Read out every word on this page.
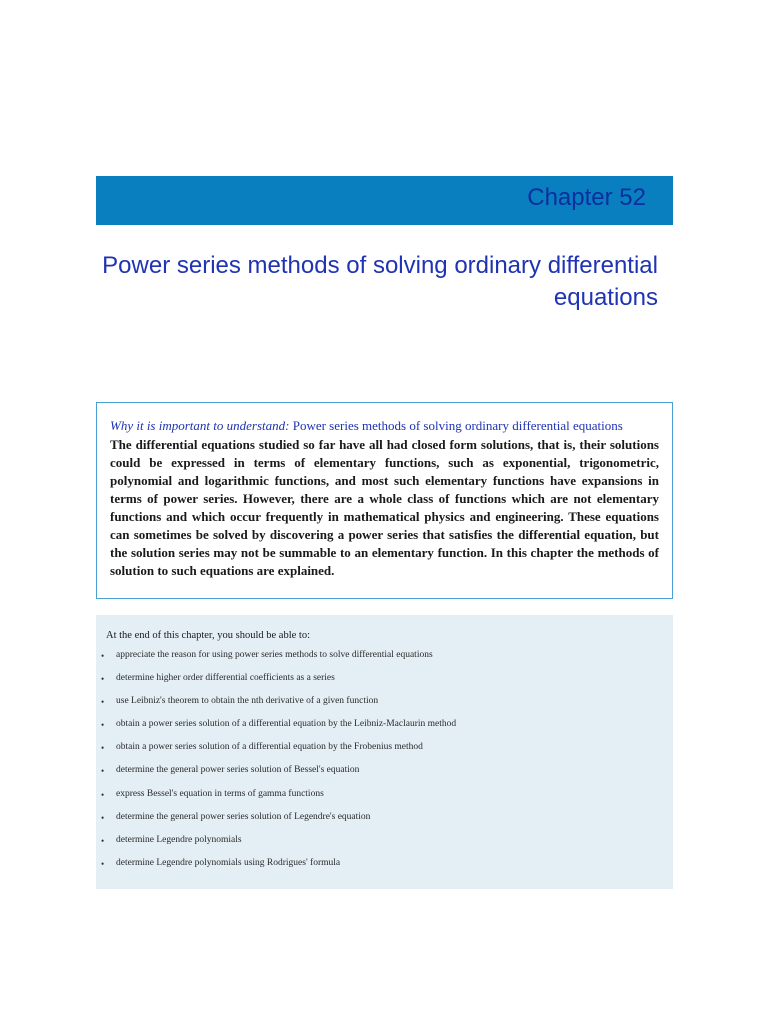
Chapter 52
Power series methods of solving ordinary differential equations

Why it is important to understand: Power series methods of solving ordinary differential equations

The differential equations studied so far have all had closed form solutions, that is, their solutions could be expressed in terms of elementary functions, such as exponential, trigonometric, polynomial and logarithmic functions, and most such elementary functions have expansions in terms of power series. However, there are a whole class of functions which are not elementary functions and which occur frequently in mathematical physics and engineering. These equations can sometimes be solved by discovering a power series that satisfies the differential equation, but the solution series may not be summable to an elementary function. In this chapter the methods of solution to such equations are explained.

At the end of this chapter, you should be able to:

• appreciate the reason for using power series methods to solve differential equations
• determine higher order differential coefficients as a series
• use Leibniz's theorem to obtain the nth derivative of a given function
• obtain a power series solution of a differential equation by the Leibniz-Maclaurin method
• obtain a power series solution of a differential equation by the Frobenius method
• determine the general power series solution of Bessel's equation
• express Bessel's equation in terms of gamma functions
• determine the general power series solution of Legendre's equation
• determine Legendre polynomials
• determine Legendre polynomials using Rodrigues' formula
